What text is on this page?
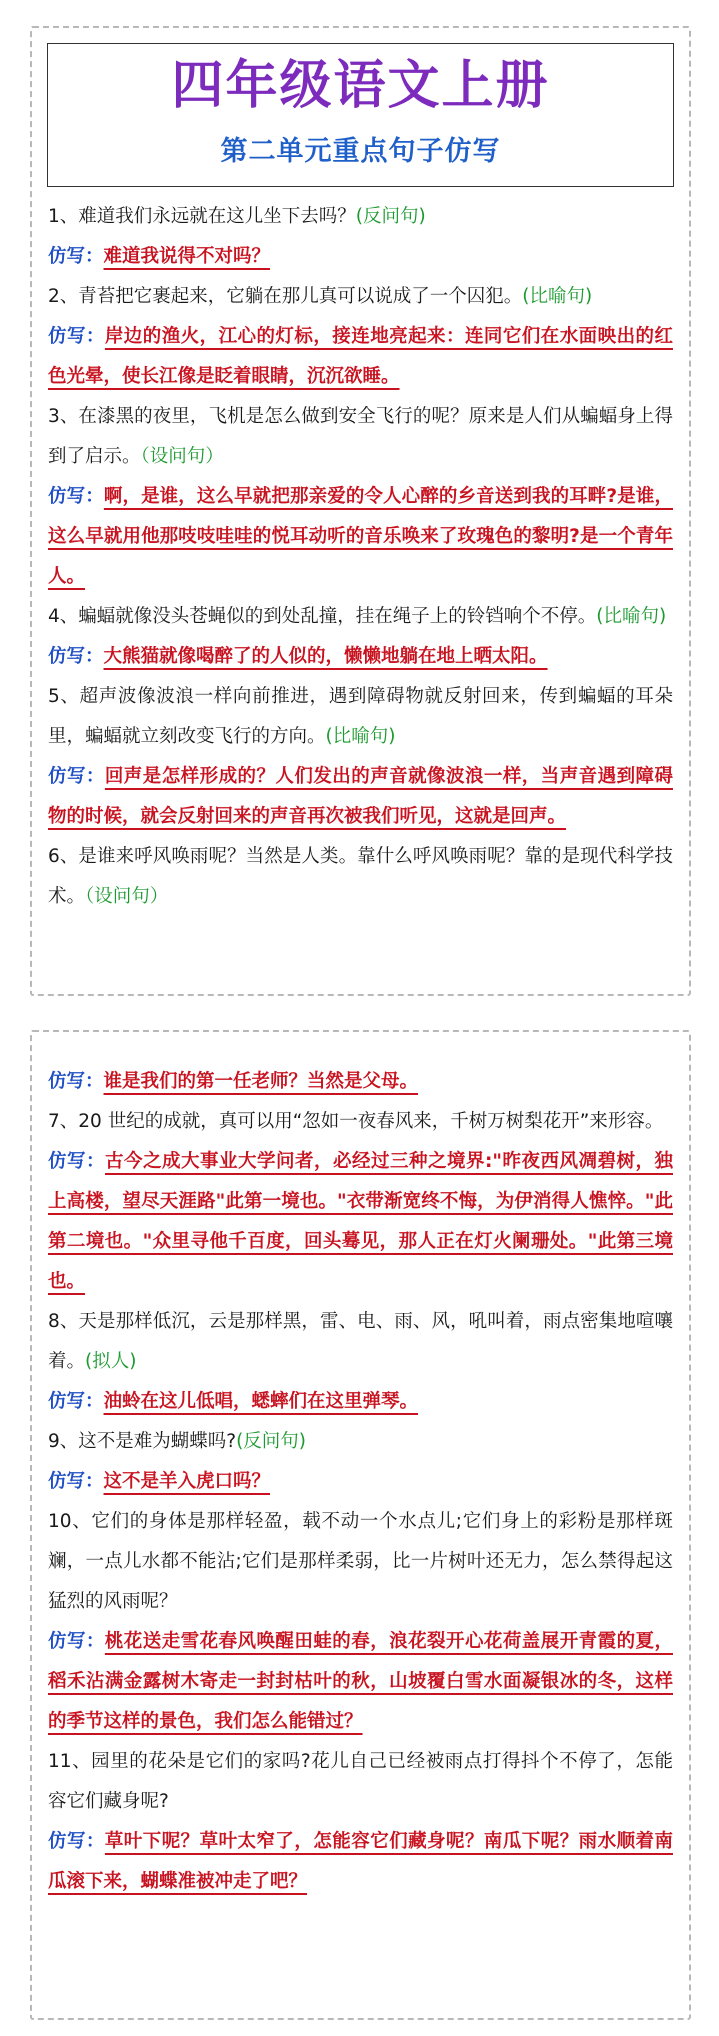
四年级语文上册
第二单元重点句子仿写
1、难道我们永远就在这儿坐下去吗？(反问句)
仿写：难道我说得不对吗？
2、青苔把它裹起来，它躺在那儿真可以说成了一个囚犯。(比喻句)
仿写：岸边的渔火，江心的灯标，接连地亮起来：连同它们在水面映出的红色光晕，使长江像是眨着眼睛，沉沉欲睡。
3、在漆黑的夜里，飞机是怎么做到安全飞行的呢？原来是人们从蝙蝠身上得到了启示。（设问句）
仿写：啊，是谁，这么早就把那亲爱的令人心醉的乡音送到我的耳畔?是谁，这么早就用他那吱吱哇哇的悦耳动听的音乐唤来了玫瑰色的黎明?是一个青年人。
4、蝙蝠就像没头苍蝇似的到处乱撞，挂在绳子上的铃铛响个不停。(比喻句)
仿写：大熊猫就像喝醉了的人似的，懒懒地躺在地上晒太阳。
5、超声波像波浪一样向前推进，遇到障碍物就反射回来，传到蝙蝠的耳朵里，蝙蝠就立刻改变飞行的方向。(比喻句)
仿写：回声是怎样形成的？人们发出的声音就像波浪一样，当声音遇到障碍物的时候，就会反射回来的声音再次被我们听见，这就是回声。
6、是谁来呼风唤雨呢？当然是人类。靠什么呼风唤雨呢？靠的是现代科学技术。（设问句）
仿写：谁是我们的第一任老师？当然是父母。
7、20 世纪的成就，真可以用“忽如一夜春风来，千树万树梨花开”来形容。
仿写：古今之成大事业大学问者，必经过三种之境界:"昨夜西风凋碧树，独上高楼，望尽天涯路"此第一境也。"衣带渐宽终不悔，为伊消得人憔悴。"此第二境也。"众里寻他千百度，回头蓦见，那人正在灯火阑珊处。"此第三境也。
8、天是那样低沉，云是那样黑，雷、电、雨、风，吼叫着，雨点密集地喧嚷着。(拟人)
仿写：油蛉在这儿低唱，蟋蟀们在这里弹琴。
9、这不是难为蝴蝶吗?(反问句)
仿写：这不是羊入虎口吗？
10、它们的身体是那样轻盈，载不动一个水点儿;它们身上的彩粉是那样斑斓，一点儿水都不能沾;它们是那样柔弱，比一片树叶还无力，怎么禁得起这猛烈的风雨呢？
仿写：桃花送走雪花春风唤醒田蛙的春，浪花裂开心花荷盖展开青霞的夏，稻禾沾满金露树木寄走一封封枯叶的秋，山坡覆白雪水面凝银冰的冬，这样的季节这样的景色，我们怎么能错过？
11、园里的花朵是它们的家吗?花儿自己已经被雨点打得抖个不停了，怎能容它们藏身呢?
仿写：草叶下呢？草叶太窄了，怎能容它们藏身呢？南瓜下呢？雨水顺着南瓜滚下来，蝴蝶准被冲走了吧？
